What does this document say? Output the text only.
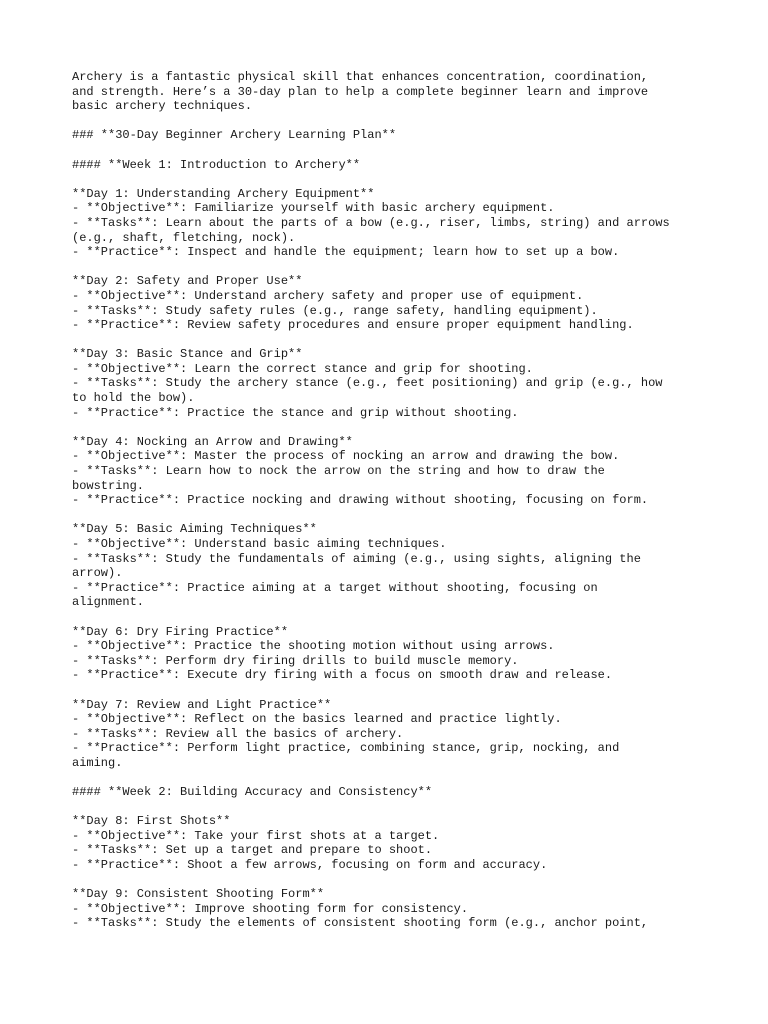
Archery is a fantastic physical skill that enhances concentration, coordination,
and strength. Here’s a 30-day plan to help a complete beginner learn and improve
basic archery techniques.
### **30-Day Beginner Archery Learning Plan**
#### **Week 1: Introduction to Archery**
**Day 1: Understanding Archery Equipment**
- **Objective**: Familiarize yourself with basic archery equipment.
- **Tasks**: Learn about the parts of a bow (e.g., riser, limbs, string) and arrows
(e.g., shaft, fletching, nock).
- **Practice**: Inspect and handle the equipment; learn how to set up a bow.
**Day 2: Safety and Proper Use**
- **Objective**: Understand archery safety and proper use of equipment.
- **Tasks**: Study safety rules (e.g., range safety, handling equipment).
- **Practice**: Review safety procedures and ensure proper equipment handling.
**Day 3: Basic Stance and Grip**
- **Objective**: Learn the correct stance and grip for shooting.
- **Tasks**: Study the archery stance (e.g., feet positioning) and grip (e.g., how
to hold the bow).
- **Practice**: Practice the stance and grip without shooting.
**Day 4: Nocking an Arrow and Drawing**
- **Objective**: Master the process of nocking an arrow and drawing the bow.
- **Tasks**: Learn how to nock the arrow on the string and how to draw the
bowstring.
- **Practice**: Practice nocking and drawing without shooting, focusing on form.
**Day 5: Basic Aiming Techniques**
- **Objective**: Understand basic aiming techniques.
- **Tasks**: Study the fundamentals of aiming (e.g., using sights, aligning the
arrow).
- **Practice**: Practice aiming at a target without shooting, focusing on
alignment.
**Day 6: Dry Firing Practice**
- **Objective**: Practice the shooting motion without using arrows.
- **Tasks**: Perform dry firing drills to build muscle memory.
- **Practice**: Execute dry firing with a focus on smooth draw and release.
**Day 7: Review and Light Practice**
- **Objective**: Reflect on the basics learned and practice lightly.
- **Tasks**: Review all the basics of archery.
- **Practice**: Perform light practice, combining stance, grip, nocking, and
aiming.
#### **Week 2: Building Accuracy and Consistency**
**Day 8: First Shots**
- **Objective**: Take your first shots at a target.
- **Tasks**: Set up a target and prepare to shoot.
- **Practice**: Shoot a few arrows, focusing on form and accuracy.
**Day 9: Consistent Shooting Form**
- **Objective**: Improve shooting form for consistency.
- **Tasks**: Study the elements of consistent shooting form (e.g., anchor point,
